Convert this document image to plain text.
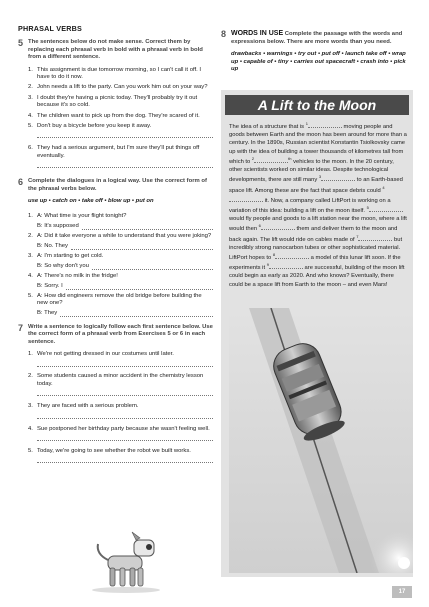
PHRASAL VERBS
5 The sentences below do not make sense. Correct them by replacing each phrasal verb in bold with a phrasal verb in bold from a different sentence.
1. This assignment is due tomorrow morning, so I can't call it off. I have to do it now.
2. John needs a lift to the party. Can you work him out on your way?
3. I doubt they're having a picnic today. They'll probably try it out because it's so cold.
4. The children want to pick up from the dog. They're scared of it.
5. Don't buy a bicycle before you keep it away.
6. They had a serious argument, but I'm sure they'll put things off eventually.
6 Complete the dialogues in a logical way. Use the correct form of the phrasal verbs below.
use up • catch on • take off • blow up • put on
1. A: What time is your flight tonight?
B: It's supposed
2. A: Did it take everyone a while to understand that you were joking?
B: No. They
3. A: I'm starting to get cold.
B: So why don't you
4. A: There's no milk in the fridge!
B: Sorry. I
5. A: How did engineers remove the old bridge before building the new one?
B: They
7 Write a sentence to logically follow each first sentence below. Use the correct form of a phrasal verb from Exercises 5 or 6 in each sentence.
1. We're not getting dressed in our costumes until later.
2. Some students caused a minor accident in the chemistry lesson today.
3. They are faced with a serious problem.
4. Sue postponed her birthday party because she wasn't feeling well.
5. Today, we're going to see whether the robot we built works.
8 WORDS IN USE Complete the passage with the words and expressions below. There are more words than you need.
drawbacks • warnings • try out • put off • launch take off • wrap up • capable of • tiny • carries out spacecraft • crash into • pick up
A Lift to the Moon
The idea of a structure that is $^1$ moving people and goods between Earth and the moon has been around for more than a century. In the 1890s, Russian scientist Konstantin Tsiolkovsky came up with the idea of building a tower thousands of kilometres tall from which to $^2$	$^{th}$ vehicles to the moon. In the 20 century, other scientists worked on similar ideas. Despite technological developments, there are still many $^3$ to an Earth-based space lift. Among these are the fact that space debris could $^4$ it. Now, a company called LiftPort is working on a variation of this idea: building a lift on the moon itself. $^5$ would fly people and goods to a lift station near the moon, where a lift would then $^6$ them and deliver them to the moon and back again. The lift would ride on cables made of $^7$ but incredibly strong nanocarbon tubes or other sophisticated material. LiftPort hopes to $^8$ a model of this lunar lift soon. If the experiments it $^9$ are successful, building of the moon lift could begin as early as 2020. And who knows? Eventually, there could be a space lift from Earth to the moon – and even Mars!
17
